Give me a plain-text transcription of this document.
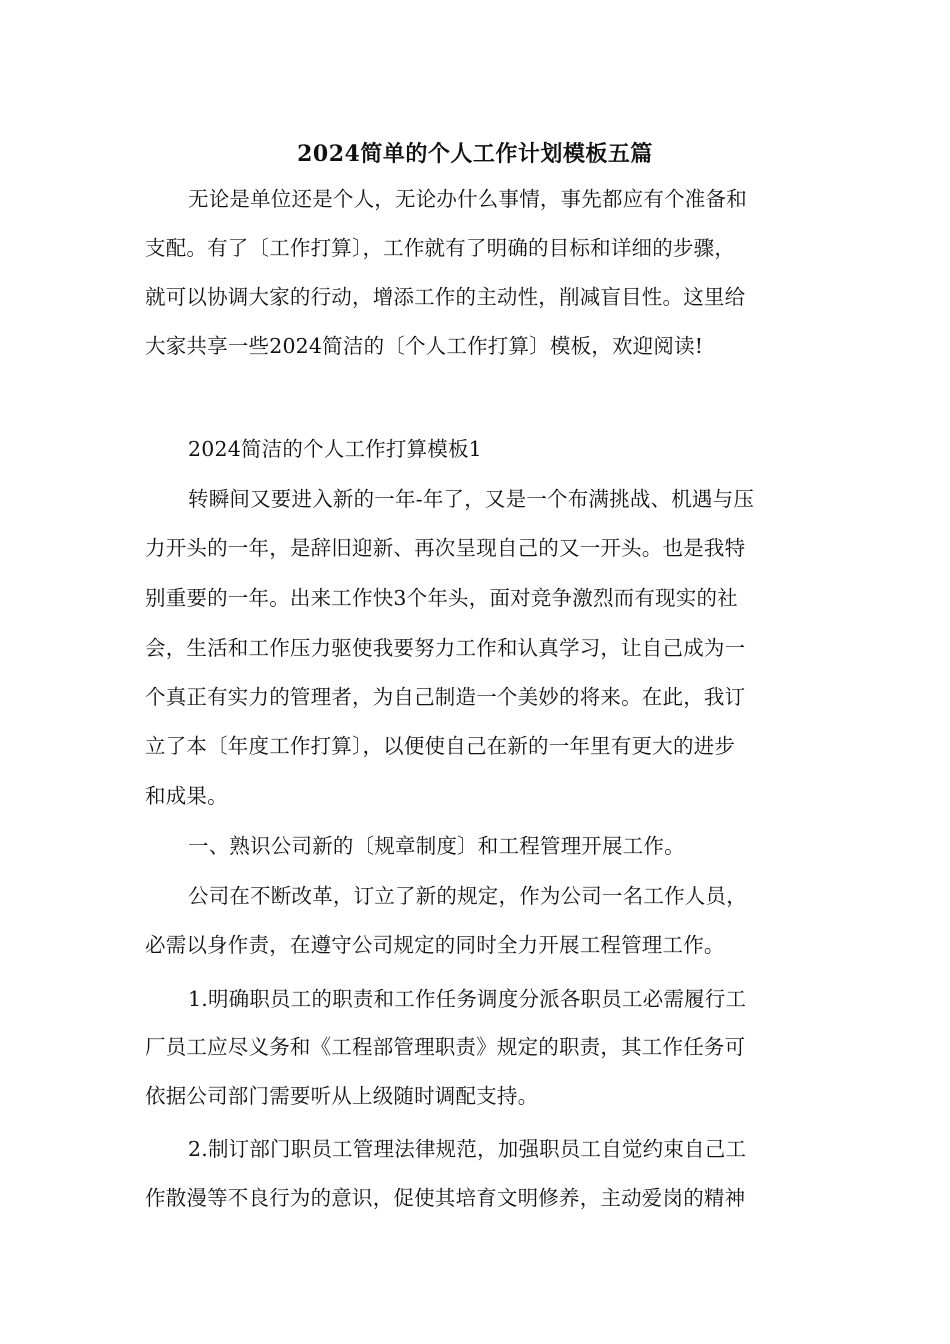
2024简单的个人工作计划模板五篇
无论是单位还是个人，无论办什么事情，事先都应有个准备和
支配。有了〔工作打算〕，工作就有了明确的目标和详细的步骤，
就可以协调大家的行动，增添工作的主动性，削减盲目性。这里给
大家共享一些2024简洁的〔个人工作打算〕模板，欢迎阅读!
2024简洁的个人工作打算模板1
转瞬间又要进入新的一年-年了，又是一个布满挑战、机遇与压
力开头的一年，是辞旧迎新、再次呈现自己的又一开头。也是我特
别重要的一年。出来工作快3个年头，面对竞争激烈而有现实的社
会，生活和工作压力驱使我要努力工作和认真学习，让自己成为一
个真正有实力的管理者，为自己制造一个美妙的将来。在此，我订
立了本〔年度工作打算〕，以便使自己在新的一年里有更大的进步
和成果。
一、熟识公司新的〔规章制度〕和工程管理开展工作。
公司在不断改革，订立了新的规定，作为公司一名工作人员，
必需以身作责，在遵守公司规定的同时全力开展工程管理工作。
1.明确职员工的职责和工作任务调度分派各职员工必需履行工
厂员工应尽义务和《工程部管理职责》规定的职责，其工作任务可
依据公司部门需要听从上级随时调配支持。
2.制订部门职员工管理法律规范，加强职员工自觉约束自己工
作散漫等不良行为的意识，促使其培育文明修养，主动爱岗的精神
